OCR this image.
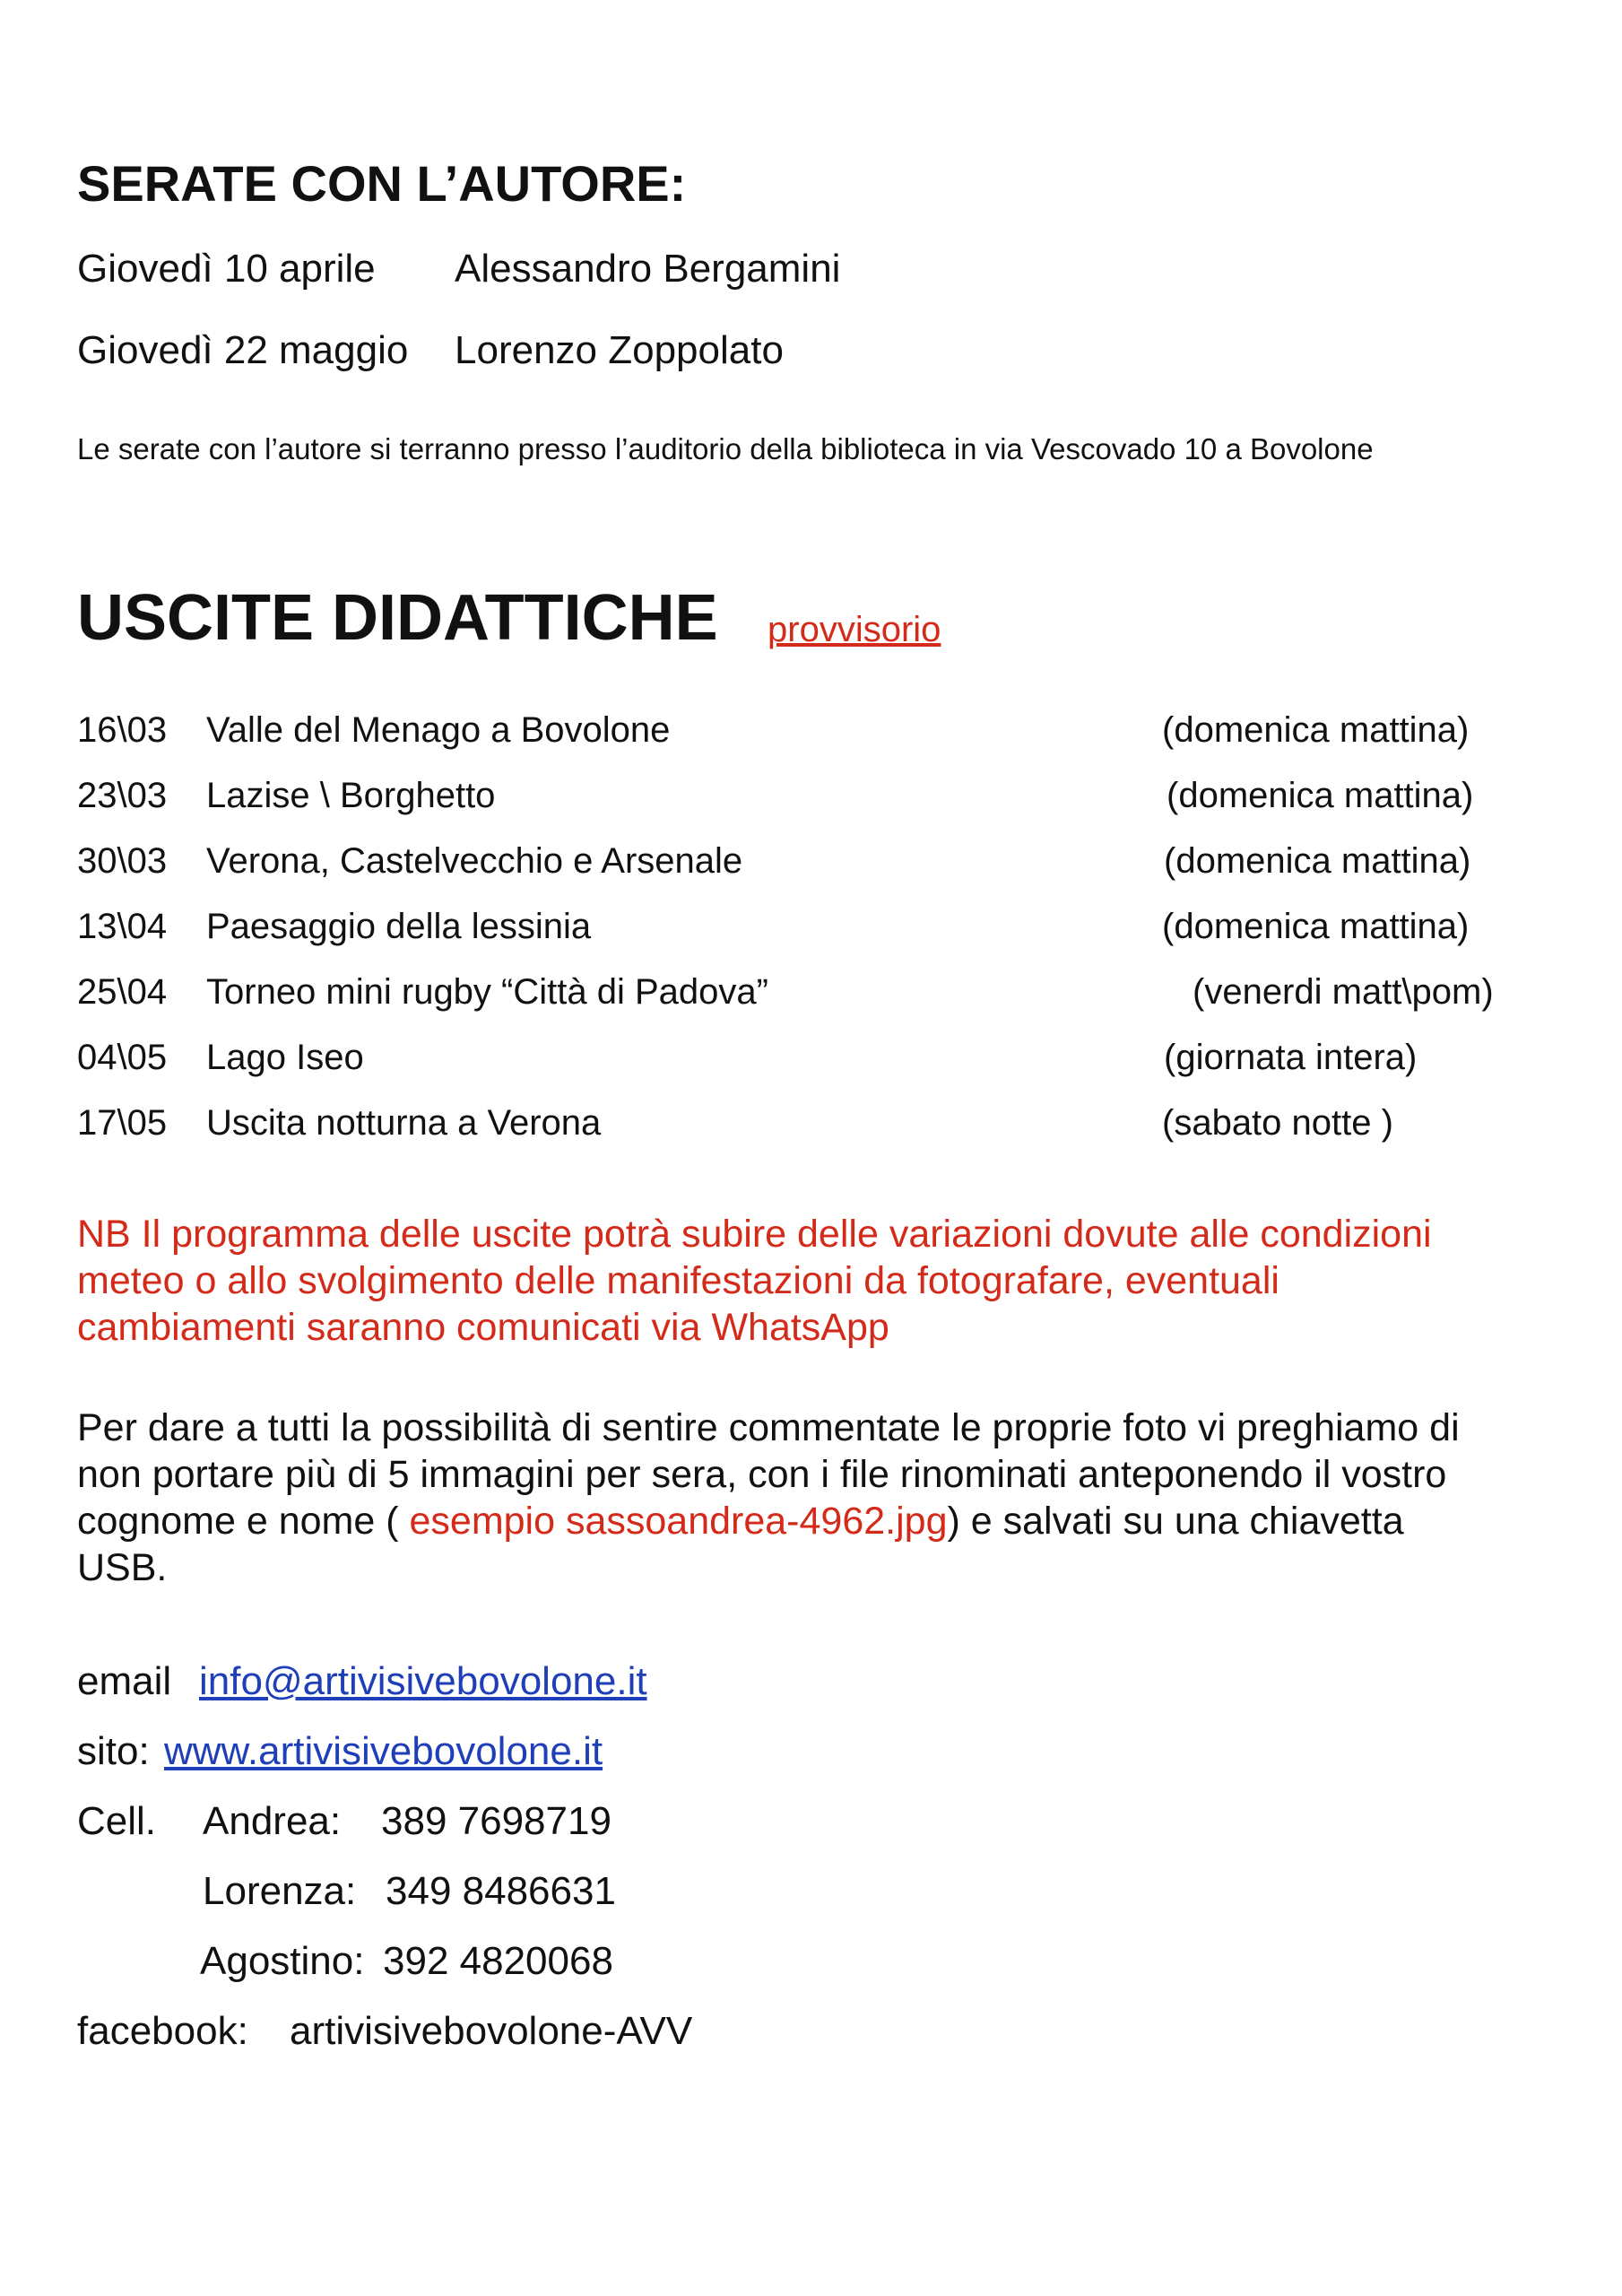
SERATE CON L’AUTORE:
Giovedì 10 aprile Alessandro Bergamini
Giovedì 22 maggio Lorenzo Zoppolato
Le serate con l’autore si terranno presso l’auditorio della biblioteca in via Vescovado 10 a Bovolone
USCITE DIDATTICHE provvisorio
16\03 Valle del Menago a Bovolone	(domenica mattina)
23\03 Lazise \ Borghetto	(domenica mattina)
30\03 Verona, Castelvecchio e Arsenale	(domenica mattina)
13\04 Paesaggio della lessinia	(domenica mattina)
25\04 Torneo mini rugby “Città di Padova”	(venerdi matt\pom)
04\05 Lago Iseo	(giornata intera)
17\05 Uscita notturna a Verona	(sabato notte )
NB Il programma delle uscite potrà subire delle variazioni dovute alle condizioni
meteo o allo svolgimento delle manifestazioni da fotografare, eventuali
cambiamenti saranno comunicati via WhatsApp
Per dare a tutti la possibilità di sentire commentate le proprie foto vi preghiamo di
non portare più di 5 immagini per sera, con i file rinominati anteponendo il vostro
cognome e nome ( esempio sassoandrea-4962.jpg) e salvati su una chiavetta
USB.
email info@artivisivebovolone.it
sito: www.artivisivebovolone.it
Cell. Andrea: 389 7698719
Lorenza: 349 8486631
Agostino: 392 4820068
facebook: artivisivebovolone-AVV
